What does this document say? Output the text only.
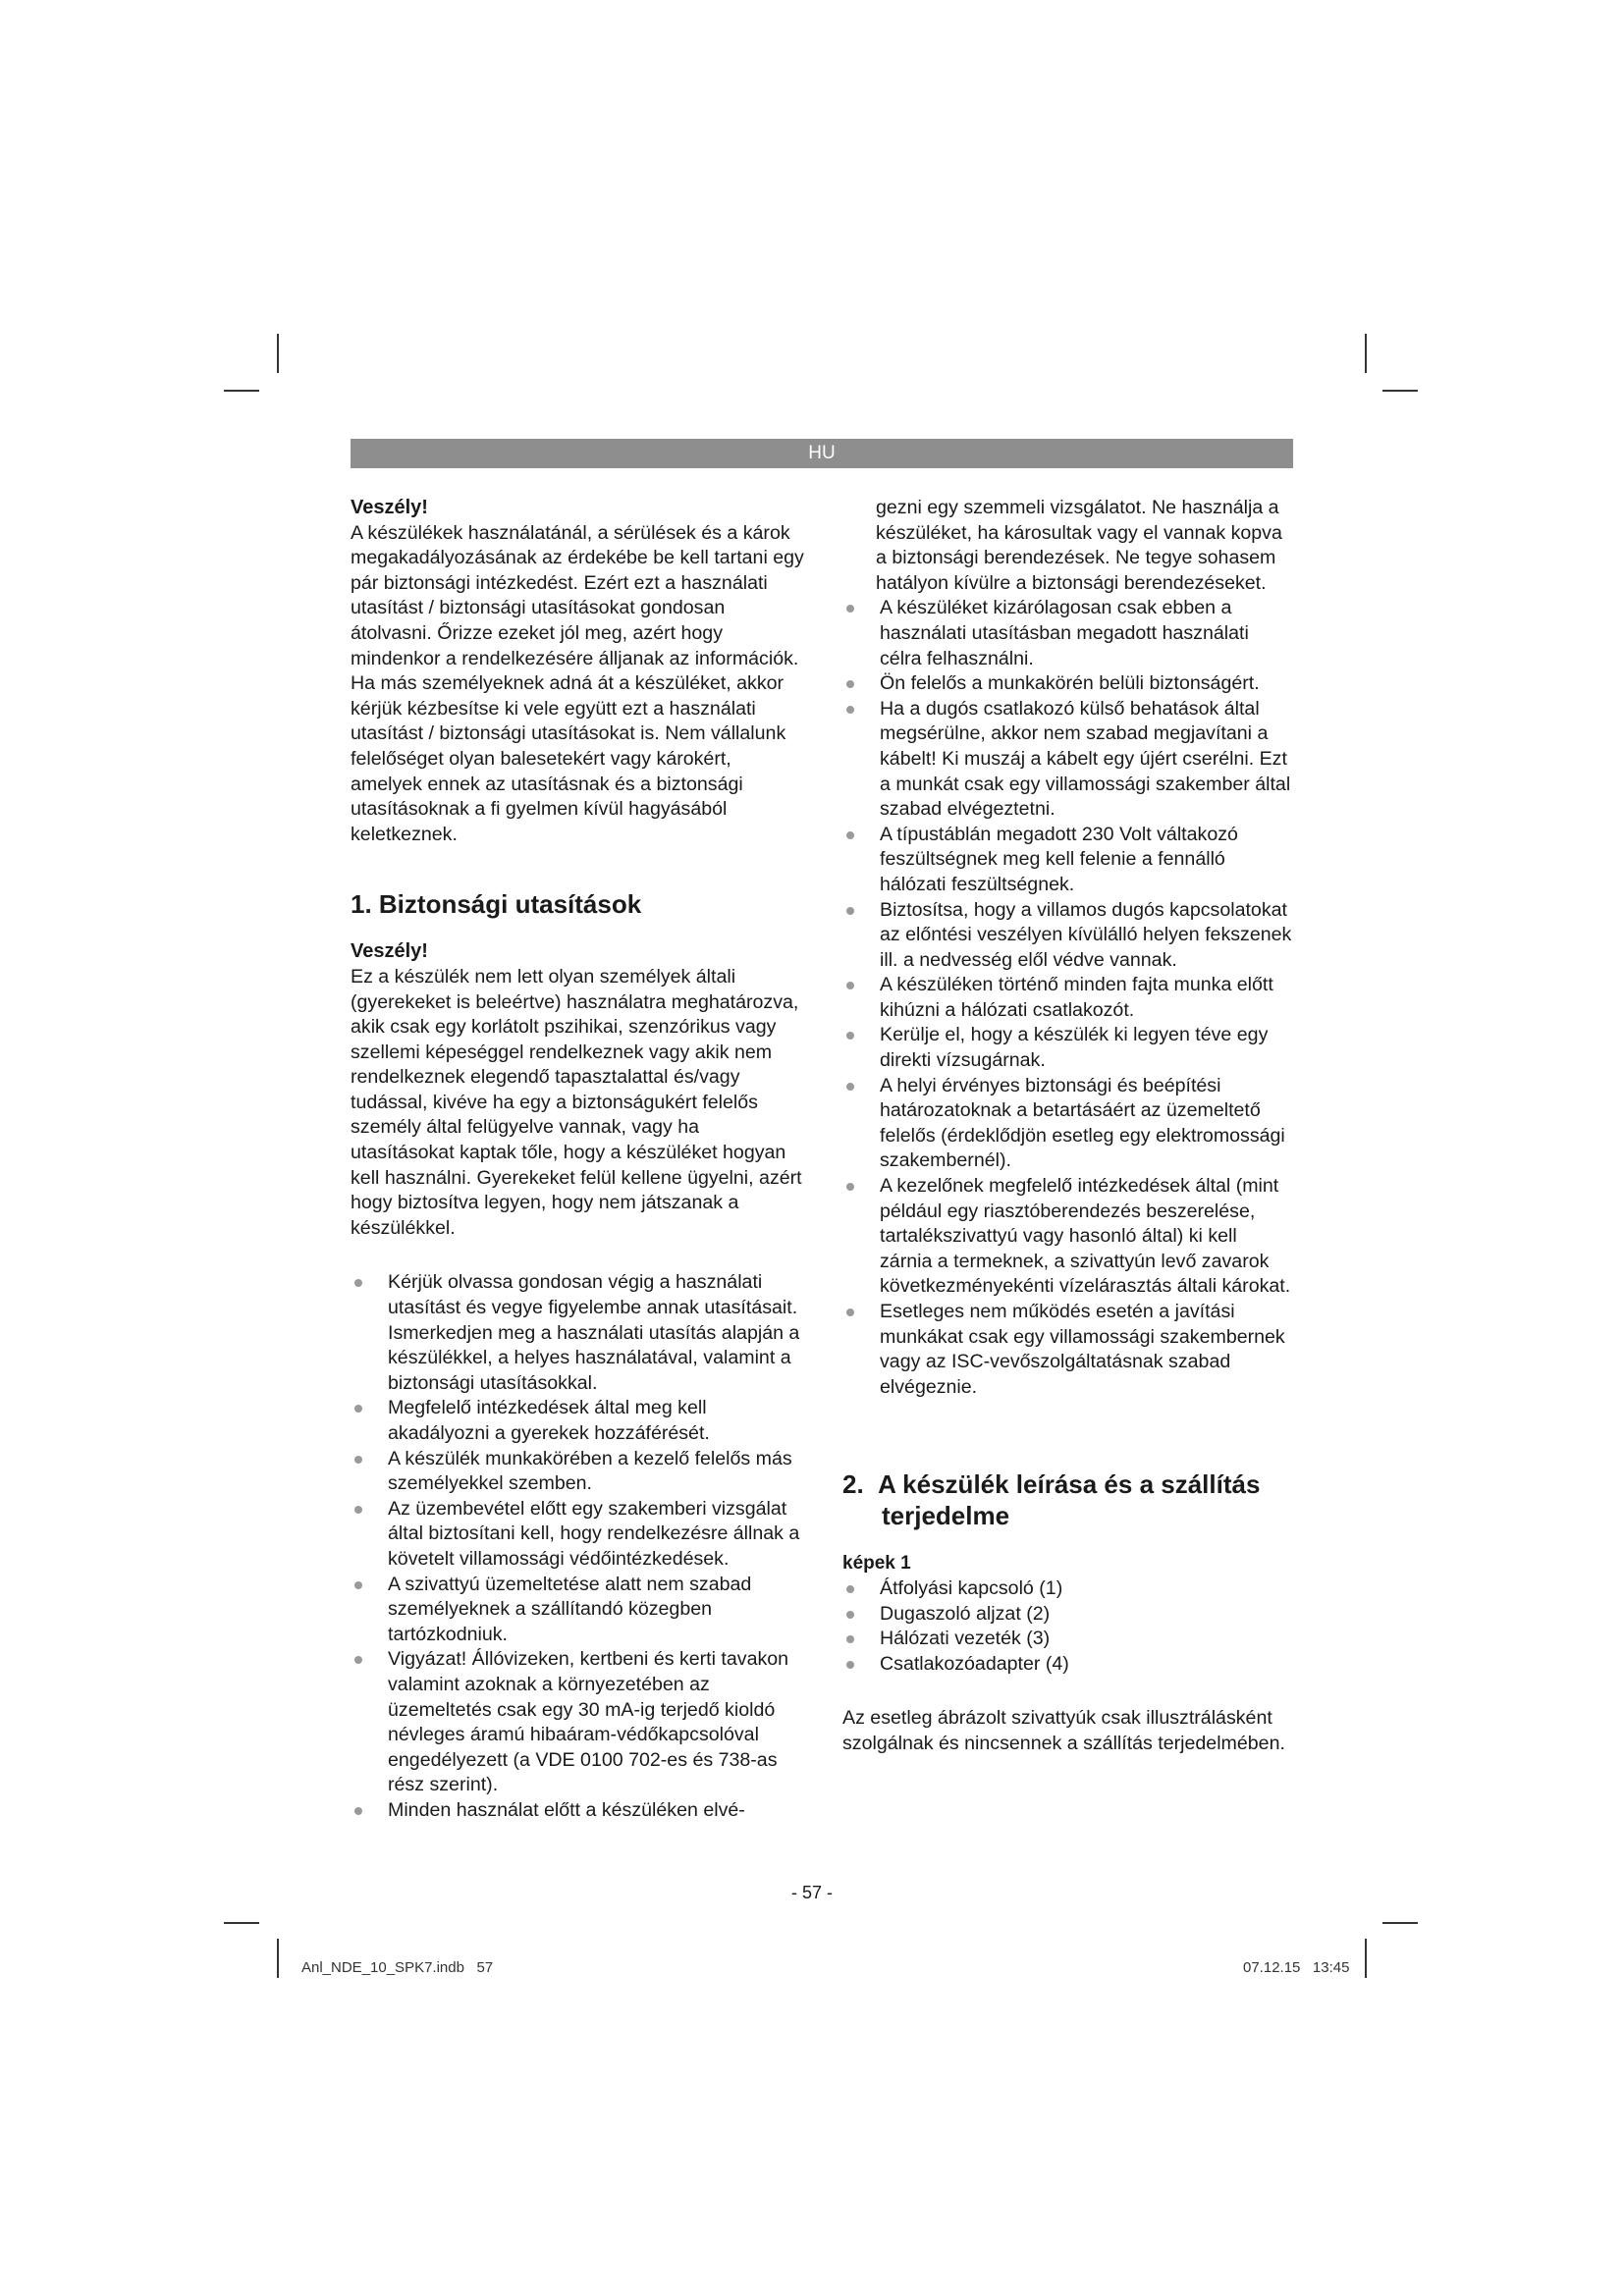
HU

Veszély!

A készülékek használatánál, a sérülések és a károk megakadályozásának az érdekébe be kell tartani egy pár biztonsági intézkedést. Ezért ezt a használati utasítást / biztonsági utasításokat gondosan átolvasni. Őrizze ezeket jól meg, azért hogy mindenkor a rendelkezésére álljanak az információk. Ha más személyeknek adná át a készüléket, akkor kérjük kézbesítse ki vele együtt ezt a használati utasítást / biztonsági utasításokat is. Nem vállalunk felelőséget olyan balesetekért vagy károkért, amelyek ennek az utasításnak és a biztonsági utasításoknak a fi gyelmen kívül hagyásából keletkeznek.

1. Biztonsági utasítások

Veszély!

Ez a készülék nem lett olyan személyek általi (gyerekeket is beleértve) használatra meghatározva, akik csak egy korlátolt pszihikai, szenzórikus vagy szellemi képeséggel rendelkeznek vagy akik nem rendelkeznek elegendő tapasztalattal és/vagy tudással, kivéve ha egy a biztonságukért felelős személy által felügyelve vannak, vagy ha utasításokat kaptak tőle, hogy a készüléket hogyan kell használni. Gyerekeket felül kellene ügyelni, azért hogy biztosítva legyen, hogy nem játszanak a készülékkel.

Kérjük olvassa gondosan végig a használati utasítást és vegye figyelembe annak utasításait. Ismerkedjen meg a használati utasítás alapján a készülékkel, a helyes használatával, valamint a biztonsági utasításokkal.
Megfelelő intézkedések által meg kell akadályozni a gyerekek hozzáférését.
A készülék munkakörében a kezelő felelős más személyekkel szemben.
Az üzembevétel előtt egy szakemberi vizsgálat által biztosítani kell, hogy rendelkezésre állnak a követelt villamossági védőintézkedések.
A szivattyú üzemeltetése alatt nem szabad személyeknek a szállítandó közegben tartózkodniuk.
Vigyázat! Állóvizeken, kertbeni és kerti tavakon valamint azoknak a környezetében az üzemeltetés csak egy 30 mA-ig terjedő kioldó névleges áramú hibaáram-védőkapcsolóval engedélyezett (a VDE 0100 702-es és 738-as rész szerint).
Minden használat előtt a készüléken elvé-

gezni egy szemmeli vizsgálatot. Ne használja a készüléket, ha károsultak vagy el vannak kopva a biztonsági berendezések. Ne tegye sohasem hatályon kívülre a biztonsági berendezéseket.

A készüléket kizárólagosan csak ebben a használati utasításban megadott használati célra felhasználni.
Ön felelős a munkakörén belüli biztonságért.
Ha a dugós csatlakozó külső behatások által megsérülne, akkor nem szabad megjavítani a kábelt! Ki muszáj a kábelt egy újért cserélni. Ezt a munkát csak egy villamossági szakember által szabad elvégeztetni.
A típustáblán megadott 230 Volt váltakozó feszültségnek meg kell felenie a fennálló hálózati feszültségnek.
Biztosítsa, hogy a villamos dugós kapcsolatokat az előntési veszélyen kívülálló helyen fekszenek ill. a nedvesség elől védve vannak.
A készüléken történő minden fajta munka előtt kihúzni a hálózati csatlakozót.
Kerülje el, hogy a készülék ki legyen téve egy direkti vízsugárnak.
A helyi érvényes biztonsági és beépítési határozatoknak a betartásáért az üzemeltető felelős (érdeklődjön esetleg egy elektromossági szakembernél).
A kezelőnek megfelelő intézkedések által (mint például egy riasztóberendezés beszerelése, tartalékszivattyú vagy hasonló által) ki kell zárnia a termeknek, a szivattyún levő zavarok következményekénti vízelárasztás általi károkat.
Esetleges nem működés esetén a javítási munkákat csak egy villamossági szakembernek vagy az ISC-vevőszolgáltatásnak szabad elvégeznie.
2. A készülék leírása és a szállítás terjedelme

képek 1

Átfolyási kapcsoló (1)
Dugaszoló aljzat (2)
Hálózati vezeték (3)
Csatlakozóadapter (4)

Az esetleg ábrázolt szivattyúk csak illusztrálásként szolgálnak és nincsennek a szállítás terjedelmében.

- 57 -
Anl_NDE_10_SPK7.indb   57	07.12.15   13:45
